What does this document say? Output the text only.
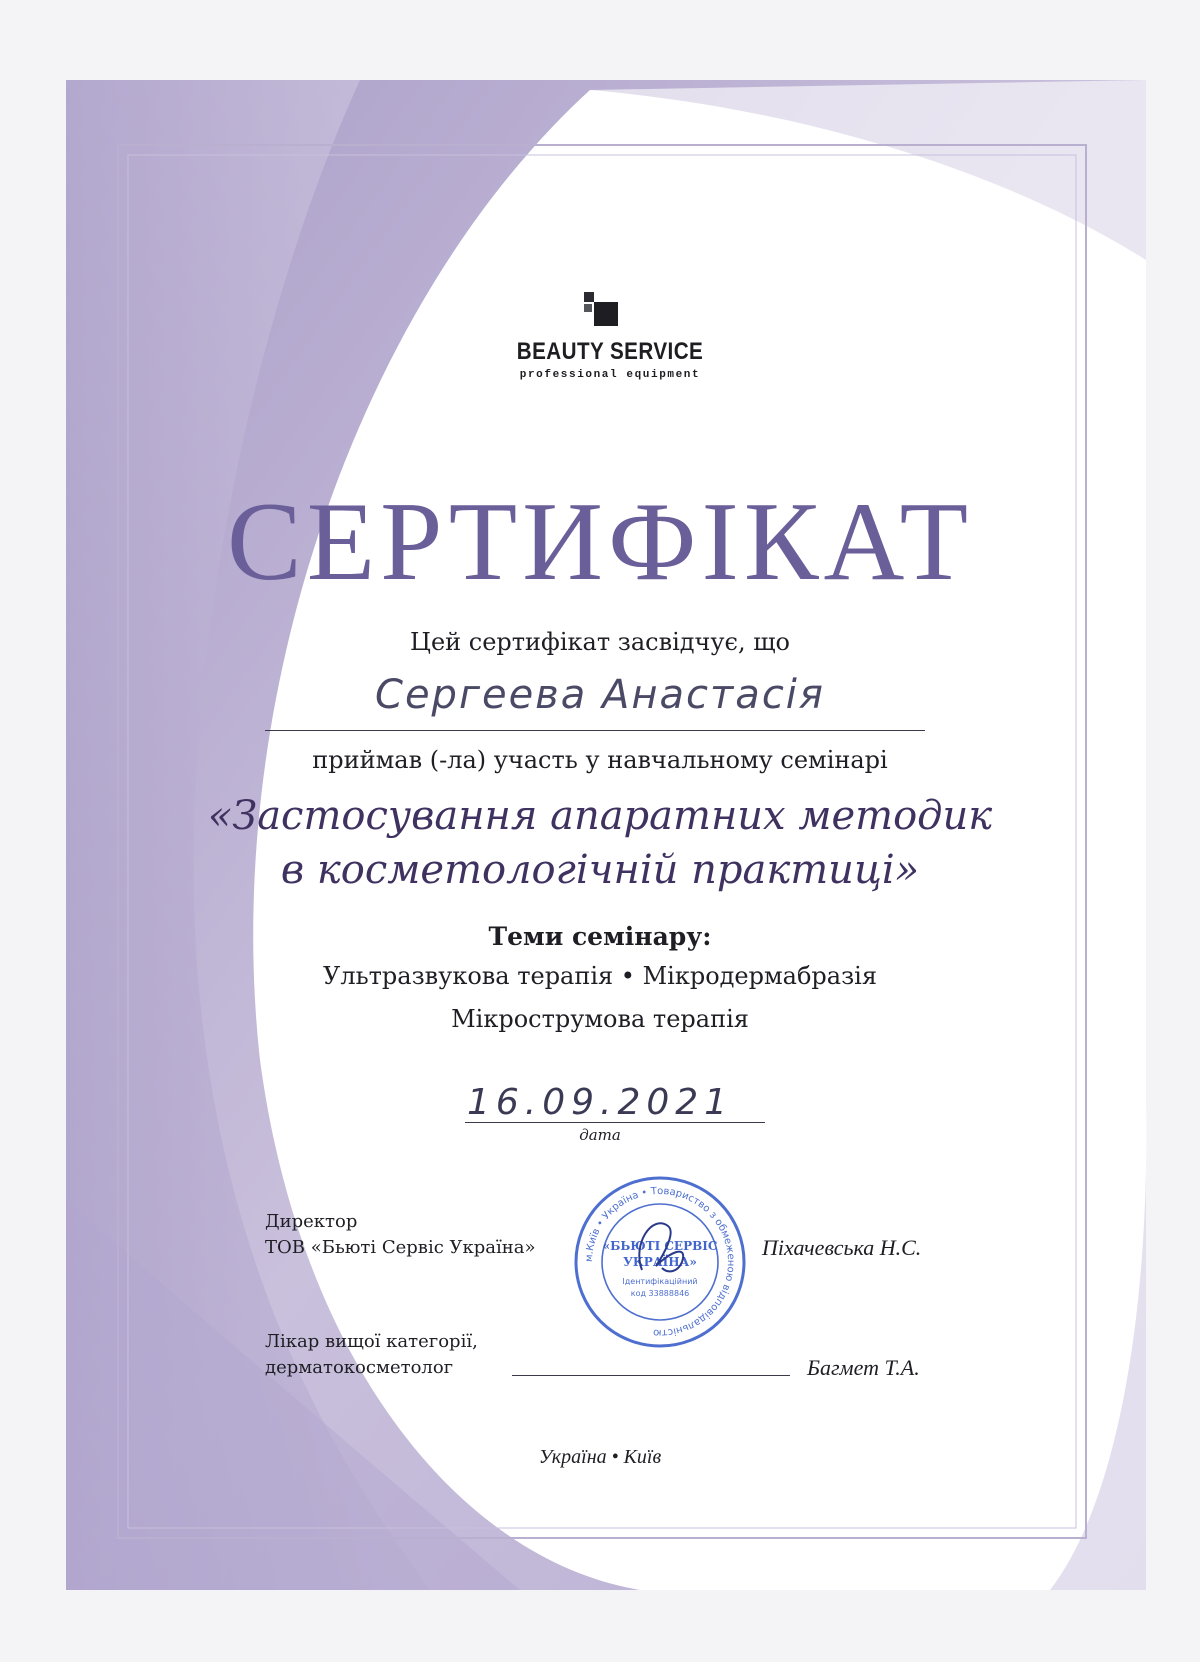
BEAUTY SERVICE
professional equipment
СЕРТИФІКАТ
Цей сертифікат засвідчує, що
Сергеева Анастасія
приймав (-ла) участь у навчальному семінарі
«Застосування апаратних методик
в косметологічній практиці»
Теми семінару:
Ультразвукова терапія • Мікродермабразія
Мікрострумова терапія
16.09.2021
дата
Директор
ТОВ «Бьюті Сервіс Україна»	Піхачевська Н.С.
м.Київ • Україна • Товариство з обмеженою відповідальністю
«БЬЮТІ СЕРВІС
УКРАЇНА»
Ідентифікаційний
код 33888846
Лікар вищої категорії,
дерматокосметолог	Багмет Т.А.
Україна • Київ
